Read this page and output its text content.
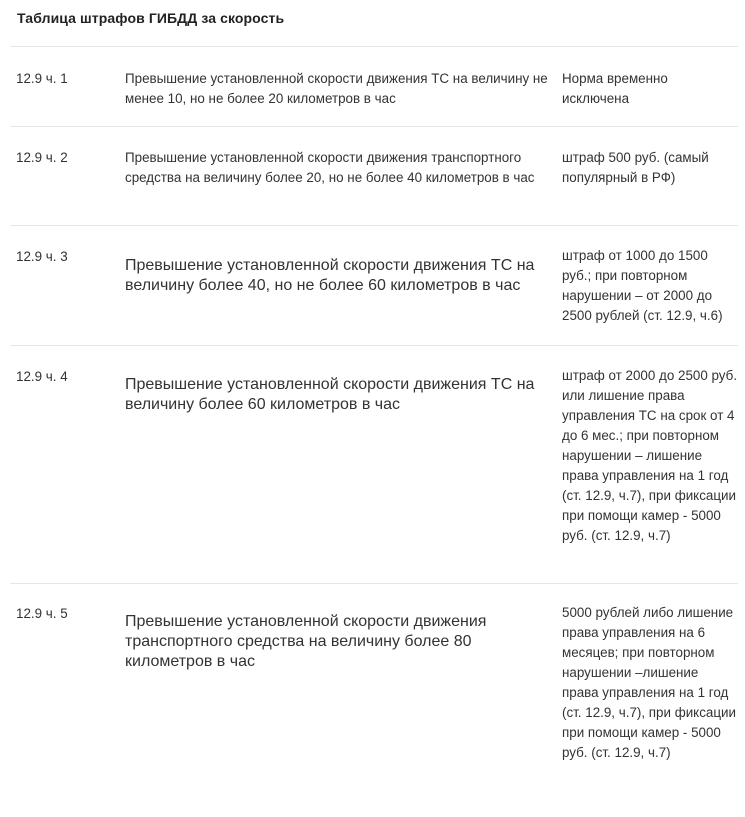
Таблица штрафов ГИБДД за скорость
12.9 ч. 1	Превышение установленной скорости движения ТС на величину не менее 10, но не более 20 километров в час
Норма временно исключена
12.9 ч. 2	Превышение установленной скорости движения транспортного средства на величину более 20, но не более 40 километров в час
штраф 500 руб. (самый популярный в РФ)
12.9 ч. 3
Превышение установленной скорости движения ТС на величину более 40, но не более 60 километров в час
штраф от 1000 до 1500 руб.; при повторном нарушении – от 2000 до 2500 рублей (ст. 12.9, ч.6)
12.9 ч. 4	Превышение установленной скорости движения ТС на величину более 60 километров в час
штраф от 2000 до 2500 руб. или лишение права управления ТС на срок от 4 до 6 мес.; при повторном нарушении – лишение права управления на 1 год (ст. 12.9, ч.7), при фиксации при помощи камер - 5000 руб. (ст. 12.9, ч.7)
12.9 ч. 5	Превышение установленной скорости движения транспортного средства на величину более 80 километров в час
5000 рублей либо лишение права управления на 6 месяцев; при повторном нарушении –лишение права управления на 1 год (ст. 12.9, ч.7), при фиксации при помощи камер - 5000 руб. (ст. 12.9, ч.7)
